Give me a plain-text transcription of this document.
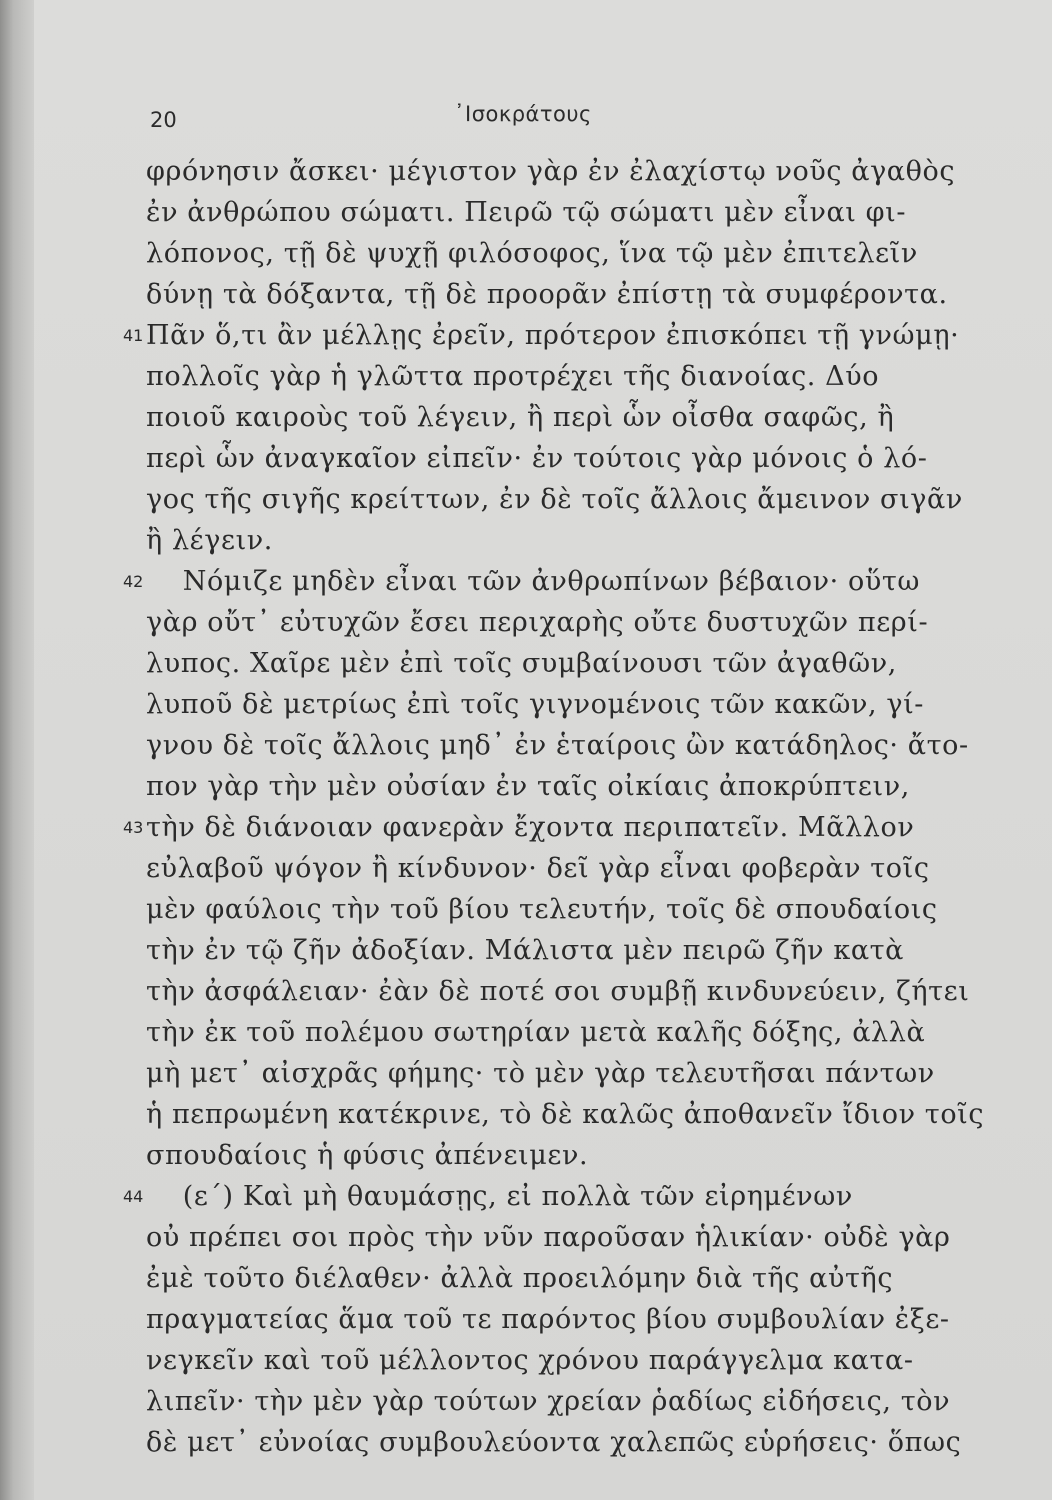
20	᾿Ισοκράτους
φρόνησιν ἄσκει· μέγιστον γὰρ ἐν ἐλαχίστῳ νοῦς ἀγαθὸς
ἐν ἀνθρώπου σώματι. Πειρῶ τῷ σώματι μὲν εἶναι φι-
λόπονος, τῇ δὲ ψυχῇ φιλόσοφος, ἵνα τῷ μὲν ἐπιτελεῖν
δύνῃ τὰ δόξαντα, τῇ δὲ προορᾶν ἐπίστῃ τὰ συμφέροντα.
41 Πᾶν ὅ,τι ἂν μέλλῃς ἐρεῖν, πρότερον ἐπισκόπει τῇ γνώμῃ·
πολλοῖς γὰρ ἡ γλῶττα προτρέχει τῆς διανοίας. Δύο
ποιοῦ καιροὺς τοῦ λέγειν, ἢ περὶ ὧν οἶσθα σαφῶς, ἢ
περὶ ὧν ἀναγκαῖον εἰπεῖν· ἐν τούτοις γὰρ μόνοις ὁ λό-
γος τῆς σιγῆς κρείττων, ἐν δὲ τοῖς ἄλλοις ἄμεινον σιγᾶν
ἢ λέγειν.
42 Νόμιζε μηδὲν εἶναι τῶν ἀνθρωπίνων βέβαιον· οὕτω
γὰρ οὔτ᾿ εὐτυχῶν ἔσει περιχαρὴς οὔτε δυστυχῶν περί-
λυπος. Χαῖρε μὲν ἐπὶ τοῖς συμβαίνουσι τῶν ἀγαθῶν,
λυποῦ δὲ μετρίως ἐπὶ τοῖς γιγνομένοις τῶν κακῶν, γί-
γνου δὲ τοῖς ἄλλοις μηδ᾿ ἐν ἑταίροις ὢν κατάδηλος· ἄτο-
πον γὰρ τὴν μὲν οὐσίαν ἐν ταῖς οἰκίαις ἀποκρύπτειν,
43 τὴν δὲ διάνοιαν φανερὰν ἔχοντα περιπατεῖν. Μᾶλλον
εὐλαβοῦ ψόγον ἢ κίνδυνον· δεῖ γὰρ εἶναι φοβερὰν τοῖς
μὲν φαύλοις τὴν τοῦ βίου τελευτήν, τοῖς δὲ σπουδαίοις
τὴν ἐν τῷ ζῆν ἀδοξίαν. Μάλιστα μὲν πειρῶ ζῆν κατὰ
τὴν ἀσφάλειαν· ἐὰν δὲ ποτέ σοι συμβῇ κινδυνεύειν, ζήτει
τὴν ἐκ τοῦ πολέμου σωτηρίαν μετὰ καλῆς δόξης, ἀλλὰ
μὴ μετ᾿ αἰσχρᾶς φήμης· τὸ μὲν γὰρ τελευτῆσαι πάντων
ἡ πεπρωμένη κατέκρινε, τὸ δὲ καλῶς ἀποθανεῖν ἴδιον τοῖς
σπουδαίοις ἡ φύσις ἀπένειμεν.
44 (ε΄) Καὶ μὴ θαυμάσῃς, εἰ πολλὰ τῶν εἰρημένων
οὐ πρέπει σοι πρὸς τὴν νῦν παροῦσαν ἡλικίαν· οὐδὲ γὰρ
ἐμὲ τοῦτο διέλαθεν· ἀλλὰ προειλόμην διὰ τῆς αὐτῆς
πραγματείας ἅμα τοῦ τε παρόντος βίου συμβουλίαν ἐξε-
νεγκεῖν καὶ τοῦ μέλλοντος χρόνου παράγγελμα κατα-
λιπεῖν· τὴν μὲν γὰρ τούτων χρείαν ῥαδίως εἰδήσεις, τὸν
δὲ μετ᾿ εὐνοίας συμβουλεύοντα χαλεπῶς εὑρήσεις· ὅπως
